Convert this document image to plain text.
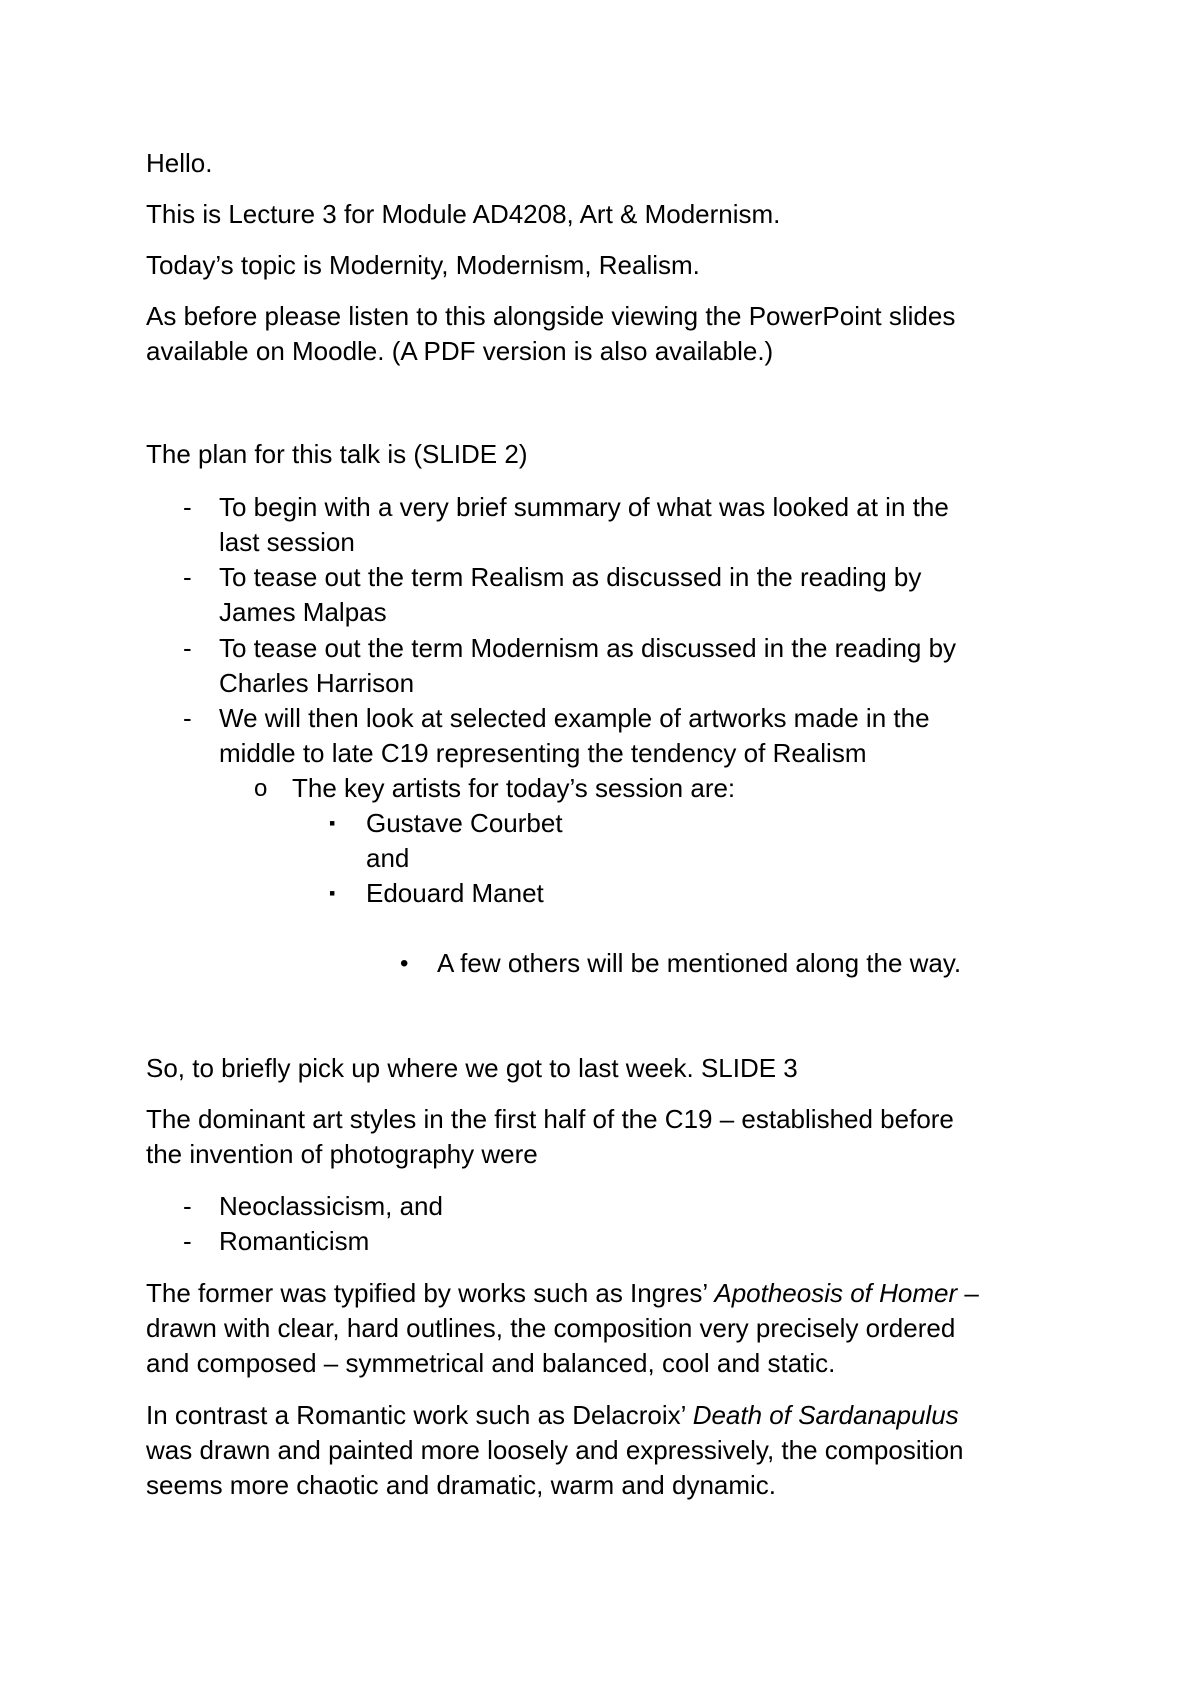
Hello.

This is Lecture 3 for Module AD4208, Art & Modernism.

Today’s topic is Modernity, Modernism, Realism.

As before please listen to this alongside viewing the PowerPoint slides
available on Moodle. (A PDF version is also available.)

The plan for this talk is (SLIDE 2)

- To begin with a very brief summary of what was looked at in the
last session
- To tease out the term Realism as discussed in the reading by
James Malpas
- To tease out the term Modernism as discussed in the reading by
Charles Harrison
- We will then look at selected example of artworks made in the
middle to late C19 representing the tendency of Realism
o The key artists for today’s session are:
▪ Gustave Courbet
and
▪ Edouard Manet
• A few others will be mentioned along the way.

So, to briefly pick up where we got to last week. SLIDE 3

The dominant art styles in the first half of the C19 – established before
the invention of photography were
- Neoclassicism, and
- Romanticism
The former was typified by works such as Ingres’ Apotheosis of Homer –
drawn with clear, hard outlines, the composition very precisely ordered
and composed – symmetrical and balanced, cool and static.
In contrast a Romantic work such as Delacroix’ Death of Sardanapulus
was drawn and painted more loosely and expressively, the composition
seems more chaotic and dramatic, warm and dynamic.
